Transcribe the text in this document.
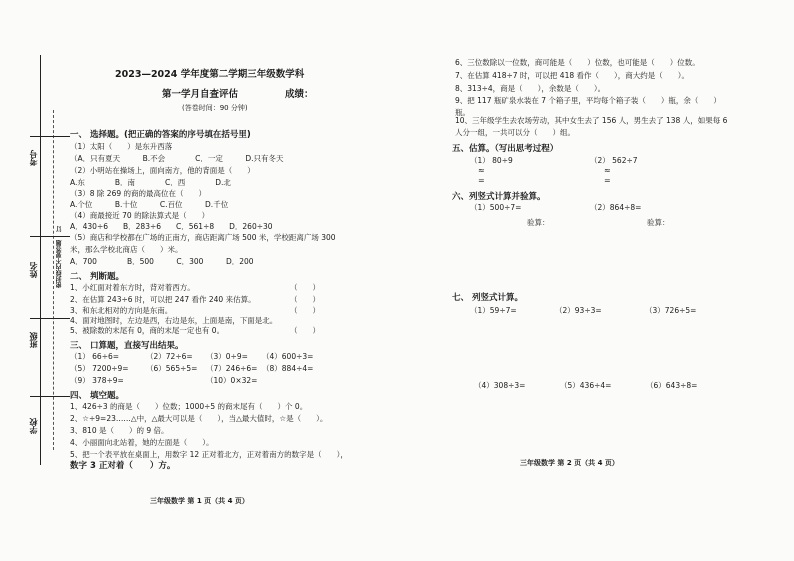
考号
姓名
订
密封线内不要答题
班级
学校
2023—2024 学年度第二学期三年级数学科
第一学月自查评估	成绩：
(答卷时间：90 分钟)
一、 选择题。(把正确的答案的序号填在括号里)
（1）太阳（　　）是东升西落
（A．只有夏天　　　B.不会　　　　C．一定　　　D.只有冬天
（2）小明站在操场上，面向南方，他的背面是（　　）
A.东　　　　B．南　　　　C．西　　　　D.北
（3）8 除 269 的商的最高位在（　　）
A.个位　　　B.十位　　　C.百位　　　D.千位
（4）商最接近 70 的除法算式是（　　）
A．430÷6　　B．283÷6　　C．561÷8　　D．260÷30
（5）商店和学校都在广场的正南方，商店距离广场 500 米，学校距离广场 300
米，那么学校北商店（　　）米。
A．700　　　　B．500　　　C．300　　　D．200
二、 判断题。
1、小红面对着东方时，背对着西方。	（　　）
2、在估算 243÷6 时，可以把 247 看作 240 来估算。	（　　）
3、和东北相对的方向是东南。	（　　）
4、面对地图时，左边是西，右边是东，上面是南，下面是北。
5、被除数的末尾有 0，商的末尾一定也有 0。	（　　）
三、 口算题，直接写出结果。
（1） 66÷6=	（2）72÷6= （3）0÷9= （4）600÷3=
（5） 7200÷9= （6）565÷5= （7）246÷6= （8）884÷4=
（9） 378÷9=	（10）0×32=
四、 填空题。
1、426÷3 的商是（　　）位数；1000÷5 的商末尾有（　　）个 0。
2、☆÷9=23……△中，△最大可以是（　　），当△最大值时，☆是（　　）。
3、810 是（　　）的 9 倍。
4、小丽面向北站着，她的左面是（　　）。
5、把一个表平放在桌面上，用数字 12 正对着北方，正对着南方的数字是（　　），
数字 3 正对着（　　）方。
三年级数学 第 1 页（共 4 页）
6、三位数除以一位数，商可能是（　　）位数，也可能是（　　）位数。
7、在估算 418÷7 时，可以把 418 看作（　　），商大约是（　　）。
8、313÷4，商是（　　），余数是（　　）。
9、把 117 瓶矿泉水装在 7 个箱子里，平均每个箱子装（　　）瓶，余（　　）
瓶。
10、三年级学生去农场劳动，其中女生去了 156 人，男生去了 138 人，如果每 6
人分一组，一共可以分（　　）组。
五、估算。（写出思考过程）
（1） 80÷9	（2） 562÷7
≈	≈
=	=
六、列竖式计算并验算。
（1）500÷7=	（2）864÷8=
验算：	验算：
七、 列竖式计算。
（1）59÷7=	（2）93÷3=	（3）726÷5=
（4）308÷3=	（5）436÷4=	（6）643÷8=
三年级数学 第 2 页（共 4 页）
